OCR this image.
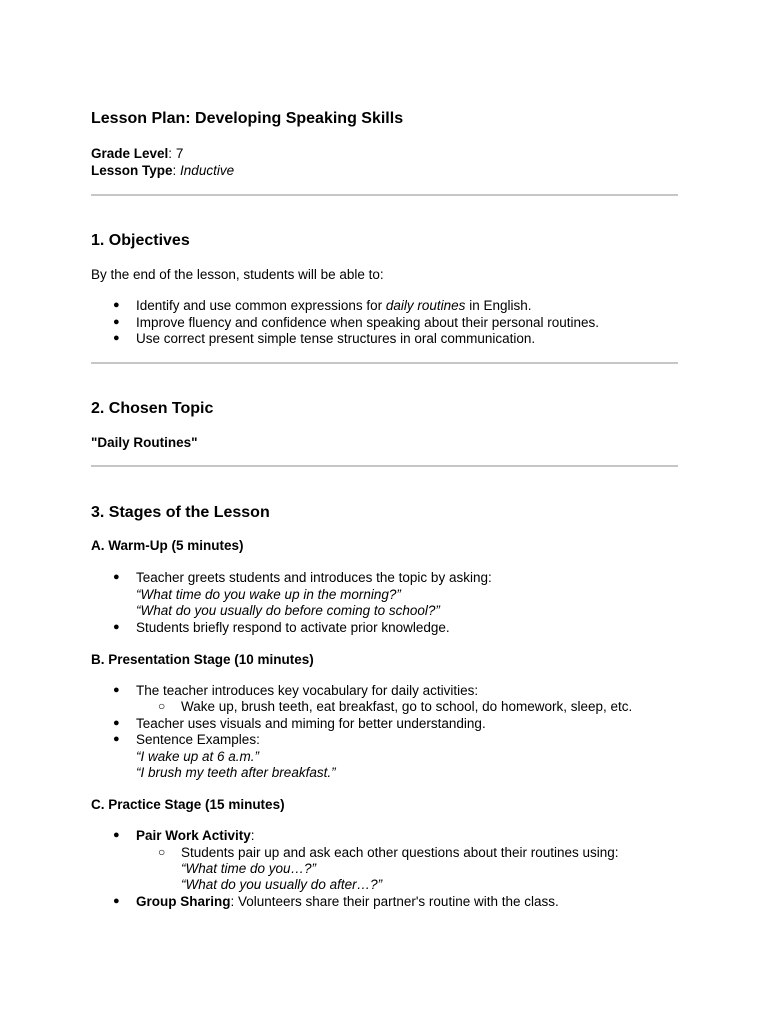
Lesson Plan: Developing Speaking Skills
Grade Level: 7
Lesson Type: Inductive
1. Objectives
By the end of the lesson, students will be able to:
● Identify and use common expressions for daily routines in English.
● Improve fluency and confidence when speaking about their personal routines.
● Use correct present simple tense structures in oral communication.
2. Chosen Topic
"Daily Routines"
3. Stages of the Lesson
A. Warm-Up (5 minutes)
● Teacher greets students and introduces the topic by asking:
“What time do you wake up in the morning?”
“What do you usually do before coming to school?”
● Students briefly respond to activate prior knowledge.
B. Presentation Stage (10 minutes)
● The teacher introduces key vocabulary for daily activities:
○ Wake up, brush teeth, eat breakfast, go to school, do homework, sleep, etc.
● Teacher uses visuals and miming for better understanding.
● Sentence Examples:
“I wake up at 6 a.m.”
“I brush my teeth after breakfast.”
C. Practice Stage (15 minutes)
● Pair Work Activity:
○ Students pair up and ask each other questions about their routines using:
“What time do you…?”
“What do you usually do after…?”
● Group Sharing: Volunteers share their partner's routine with the class.
